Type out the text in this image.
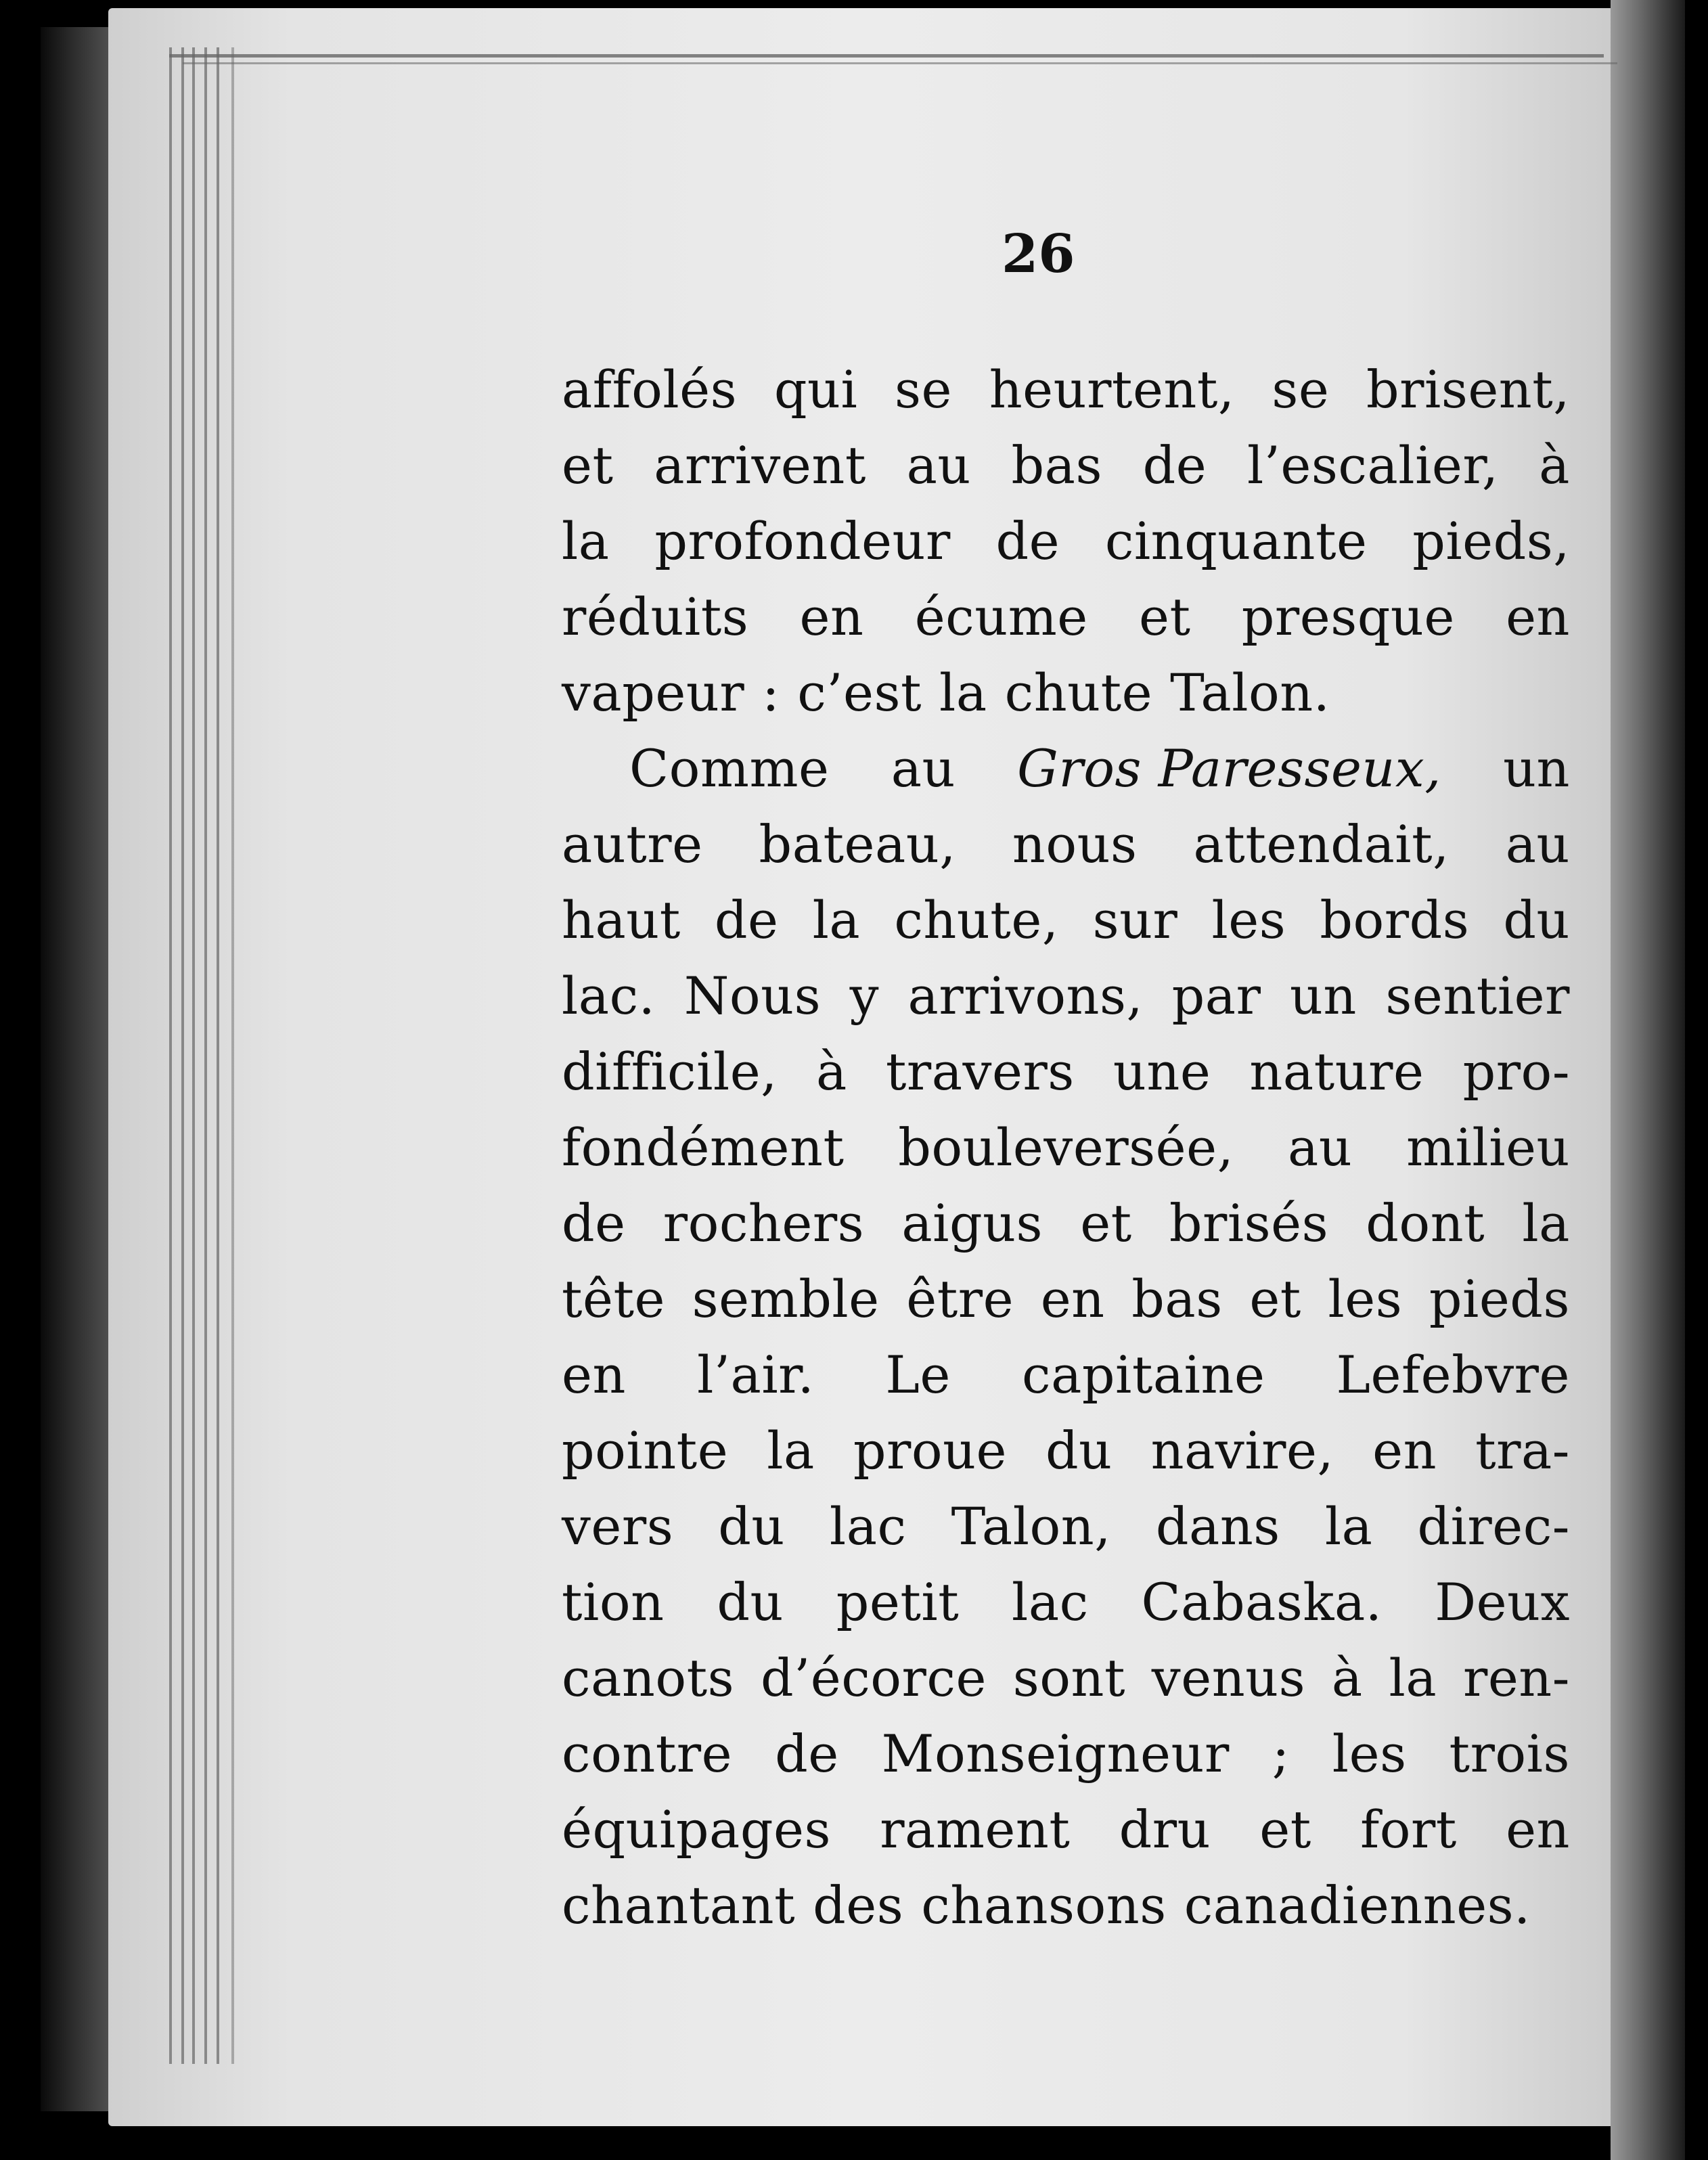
26
affolés qui se heurtent, se brisent,
et arrivent au bas de l’escalier, à
la profondeur de cinquante pieds,
réduits en écume et presque en
vapeur : c’est la chute Talon.
Comme au Gros Paresseux, un
autre bateau, nous attendait, au
haut de la chute, sur les bords du
lac. Nous y arrivons, par un sentier
difficile, à travers une nature pro-
fondément bouleversée, au milieu
de rochers aigus et brisés dont la
tête semble être en bas et les pieds
en l’air. Le capitaine Lefebvre
pointe la proue du navire, en tra-
vers du lac Talon, dans la direc-
tion du petit lac Cabaska. Deux
canots d’écorce sont venus à la ren-
contre de Monseigneur ; les trois
équipages rament dru et fort en
chantant des chansons canadiennes.
